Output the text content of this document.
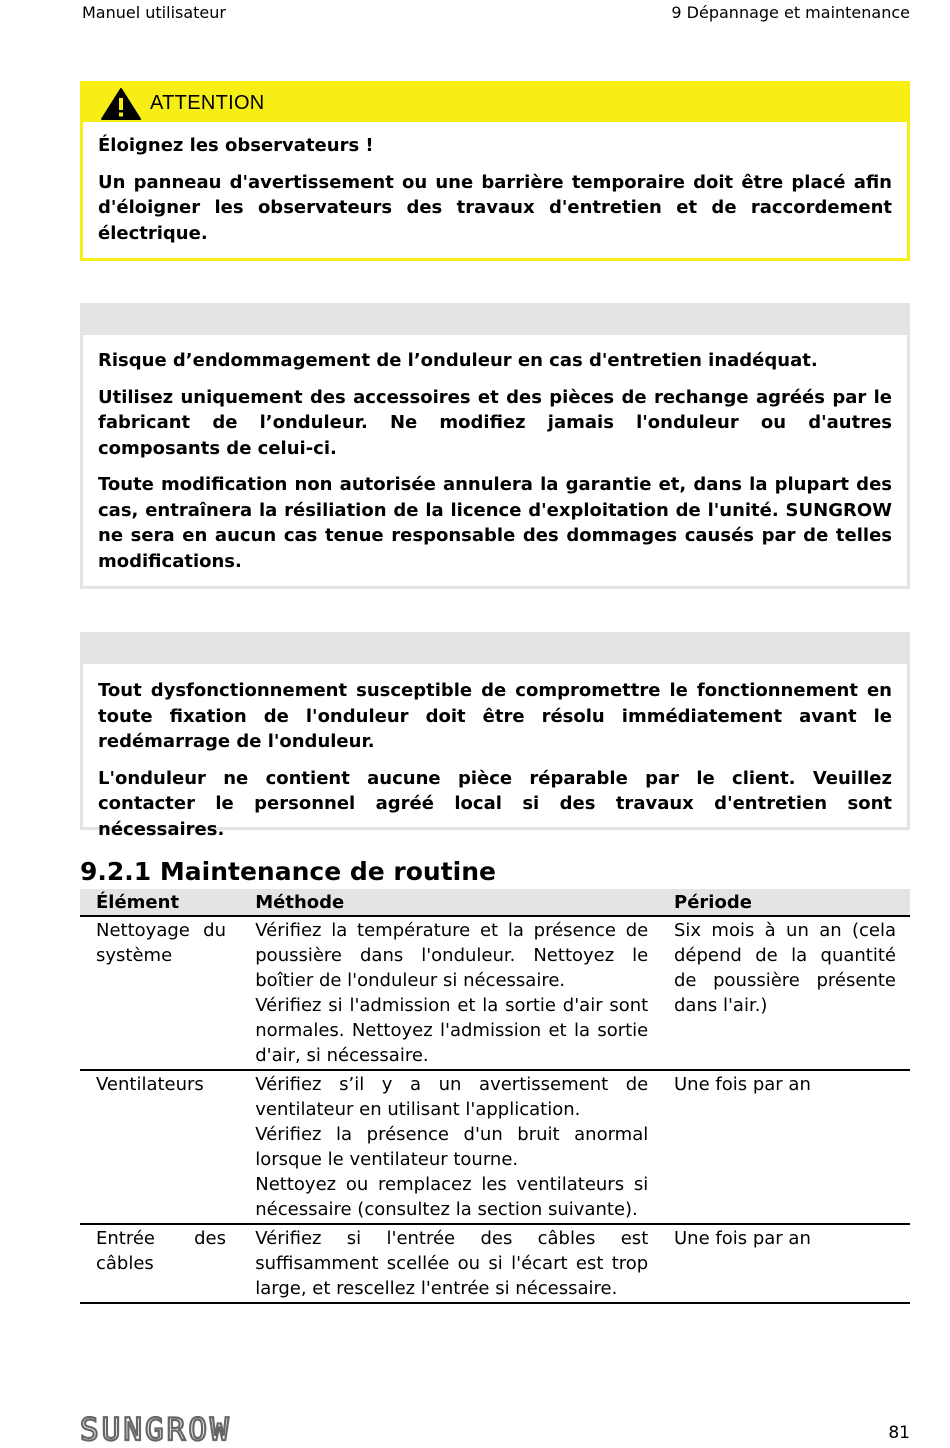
Manuel utilisateur	9 Dépannage et maintenance
ATTENTION

Éloignez les observateurs !

Un panneau d'avertissement ou une barrière temporaire doit être placé afin d'éloigner les observateurs des travaux d'entretien et de raccordement électrique.

Risque d’endommagement de l’onduleur en cas d'entretien inadéquat.

Utilisez uniquement des accessoires et des pièces de rechange agréés par le fabricant de l’onduleur. Ne modifiez jamais l'onduleur ou d'autres composants de celui-ci.

Toute modification non autorisée annulera la garantie et, dans la plupart des cas, entraînera la résiliation de la licence d'exploitation de l'unité. SUNGROW ne sera en aucun cas tenue responsable des dommages causés par de telles modifications.

Tout dysfonctionnement susceptible de compromettre le fonctionnement en toute fixation de l'onduleur doit être résolu immédiatement avant le redémarrage de l'onduleur.

L'onduleur ne contient aucune pièce réparable par le client. Veuillez contacter le personnel agréé local si des travaux d'entretien sont nécessaires.

9.2.1 Maintenance de routine
Élément	Méthode	Période

Nettoyage du système	Vérifiez la température et la présence de poussière dans l'onduleur. Nettoyez le boîtier de l'onduleur si nécessaire.
Vérifiez si l'admission et la sortie d'air sont normales. Nettoyez l'admission et la sortie d'air, si nécessaire.	Six mois à un an (cela dépend de la quantité de poussière présente dans l'air.)

Ventilateurs	Vérifiez s’il y a un avertissement de ventilateur en utilisant l'application.
Vérifiez la présence d'un bruit anormal lorsque le ventilateur tourne.
Nettoyez ou remplacez les ventilateurs si nécessaire (consultez la section suivante).	Une fois par an

Entrée des câbles	Vérifiez si l'entrée des câbles est suffisamment scellée ou si l'écart est trop large, et rescellez l'entrée si nécessaire.	Une fois par an
SUNGROW	81
